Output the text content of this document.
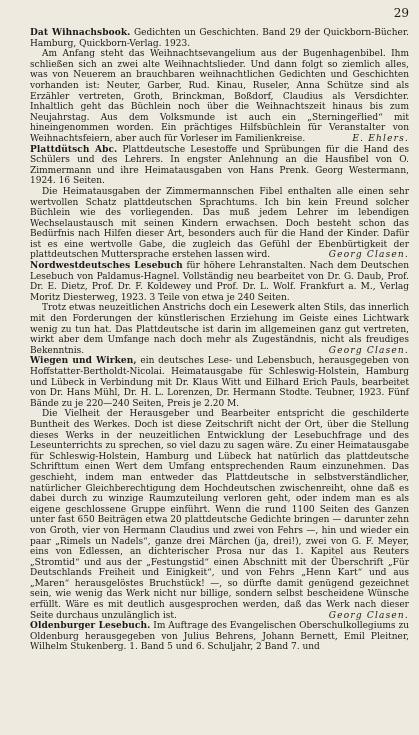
29

Dat Wihnachsbook. Gedichten un Geschichten. Band 29 der Quickborn-Bücher. Hamburg, Quickborn-Verlag. 1923.

Am Anfang steht das Weihnachtsevangelium aus der Bugenhagenbibel. Ihm schließen sich an zwei alte Weihnachtslieder. Und dann folgt so ziemlich alles, was von Neuerem an brauchbaren weihnachtlichen Gedichten und Geschichten vorhanden ist: Neuter, Garber, Rud. Kinau, Ruseler, Anna Schütze sind als Erzähler vertreten, Groth, Brinckman, Boßdorf, Claudius als Versdichter. Inhaltlich geht das Büchlein noch über die Weihnachtszeit hinaus bis zum Neujahrstag. Aus dem Volksmunde ist auch ein „Sterninger̈lied“ mit hineingenommen worden. Ein prächtiges Hilfsbüchlein für Veranstalter von Weihnachtsfeiern, aber auch für Vorleser im Familienkreise.	E. Ehlers.

Plattdütsch Abc. Plattdeutsche Lesestoffe und Sprübungen für die Hand des Schülers und des Lehrers. In engster Anlehnung an die Hausfibel von O. Zimmermann und ihre Heimatausgaben von Hans Prenk. Georg Westermann, 1924. 16 Seiten.

Die Heimatausgaben der Zimmermannschen Fibel enthalten alle einen sehr wertvollen Schatz plattdeutschen Sprachtums. Ich bin kein Freund solcher Büchlein wie des vorliegenden. Das muß jedem Lehrer im lebendigen Wechselaustausch mit seinen Kindern erwachsen. Doch besteht schon das Bedürfnis nach Hilfen dieser Art, besonders auch für die Hand der Kinder. Dafür ist es eine wertvolle Gabe, die zugleich das Gefühl der Ebenbürtigkeit der plattdeutschen Muttersprache erstehen lassen wird.	Georg Clasen.

Nordwestdeutsches Lesebuch für höhere Lehranstalten. Nach dem Deutschen Lesebuch von Paldamus-Hagnel. Vollständig neu bearbeitet von Dr. G. Daub, Prof. Dr. E. Dietz, Prof. Dr. F. Koldewey und Prof. Dr. L. Wolf. Frankfurt a. M., Verlag Moritz Diesterweg, 1923. 3 Teile von etwa je 240 Seiten.

Trotz etwas neuzeitlichen Anstrichs doch ein Lesewerk alten Stils, das innerlich mit den Forderungen der künstlerischen Erziehung im Geiste eines Lichtwark wenig zu tun hat. Das Plattdeutsche ist darin im allgemeinen ganz gut vertreten, wirkt aber dem Umfange nach doch mehr als Zugeständnis, nicht als freudiges Bekenntnis.	Georg Clasen.

Wiegen und Wirken, ein deutsches Lese- und Lebensbuch, herausgegeben von Hoffstatter-Bertholdt-Nicolai. Heimatausgabe für Schleswig-Holstein, Hamburg und Lübeck in Verbindung mit Dr. Klaus Witt und Eilhard Erich Pauls, bearbeitet von Dr. Hans Mühl, Dr. H. L. Lorenzen, Dr. Hermann Stodte. Teubner, 1923. Fünf Bände zu je 220—240 Seiten, Preis je 2.20 M.

Die Vielheit der Herausgeber und Bearbeiter entspricht die geschilderte Buntheit des Werkes. Doch ist diese Zeitschrift nicht der Ort, über die Stellung dieses Werks in der neuzeitlichen Entwicklung der Lesebuchfrage und des Leseunterrichts zu sprechen, so viel dazu zu sagen wäre. Zu einer Heimatausgabe für Schleswig-Holstein, Hamburg und Lübeck hat natürlich das plattdeutsche Schrifttum einen Wert dem Umfang entsprechenden Raum einzunehmen. Das geschieht, indem man entweder das Plattdeutsche in selbstverständlicher, natürlicher Gleichberechtigung dem Hochdeutschen zwischenreiht, ohne daß es dabei durch zu winzige Raumzuteilung verloren geht, oder indem man es als eigene geschlossene Gruppe einführt. Wenn die rund 1100 Seiten des Ganzen unter fast 650 Beiträgen etwa 20 plattdeutsche Gedichte bringen — darunter zehn von Groth, vier von Hermann Claudius und zwei von Fehrs —, hin und wieder ein paar „Rimels un Nadels“, ganze drei Märchen (ja, drei!), zwei von G. F. Meyer, eins von Edlessen, an dichterischer Prosa nur das 1. Kapitel aus Reuters „Stromtid“ und aus der „Festungstid“ einen Abschnitt mit der Überschrift „Für Deutschlands Freiheit und Einigkeit“, und von Fehrs „Henn Kart“ und aus „Maren“ herausgelöstes Bruchstück! —, so dürfte damit genügend gezeichnet sein, wie wenig das Werk nicht nur billige, sondern selbst bescheidene Wünsche erfüllt. Wäre es mit deutlich ausgesprochen werden, daß das Werk nach dieser Seite durchaus unzulänglich ist.	Georg Clasen.

Oldenburger Lesebuch. Im Auftrage des Evangelischen Oberschulkollegiums zu Oldenburg herausgegeben von Julius Behrens, Johann Bernett, Emil Pleitner, Wilhelm Stukenberg. 1. Band 5 und 6. Schuljahr, 2 Band 7. und
